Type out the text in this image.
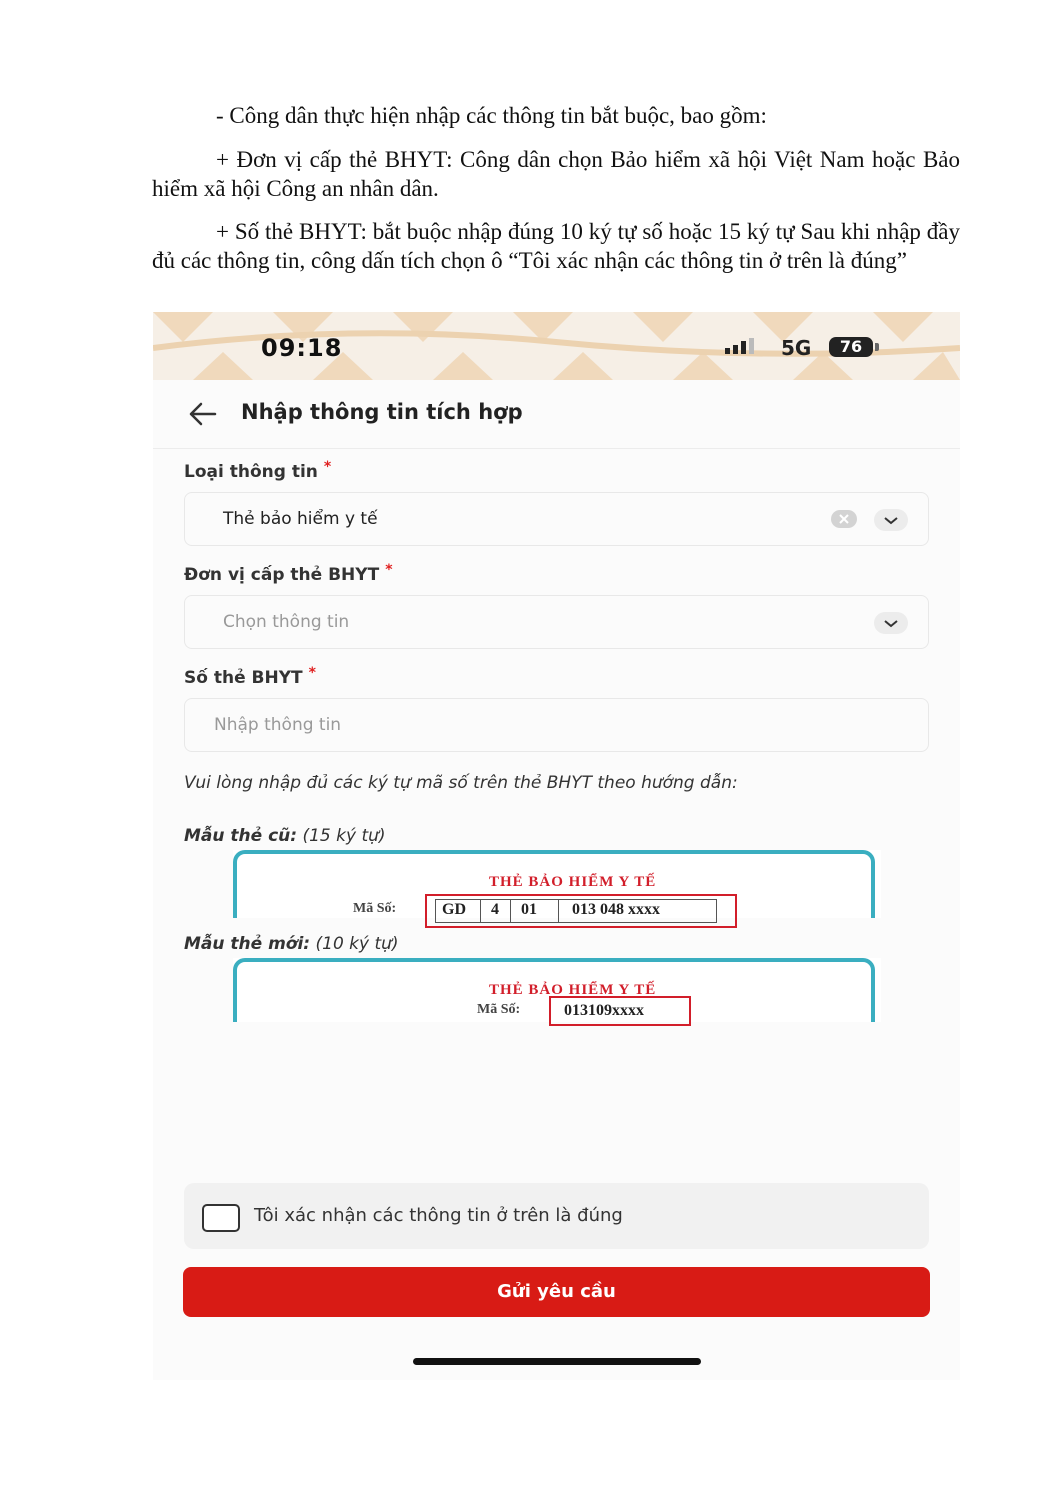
- Công dân thực hiện nhập các thông tin bắt buộc, bao gồm:
+ Đơn vị cấp thẻ BHYT: Công dân chọn Bảo hiểm xã hội Việt Nam hoặc Bảo hiểm xã hội Công an nhân dân.
+ Số thẻ BHYT: bắt buộc nhập đúng 10 ký tự số hoặc 15 ký tự Sau khi nhập đầy đủ các thông tin, công dấn tích chọn ô “Tôi xác nhận các thông tin ở trên là đúng”
09:18	5G	76
Nhập thông tin tích hợp
Loại thông tin *
Thẻ bảo hiểm y tế
Đơn vị cấp thẻ BHYT *
Chọn thông tin
Số thẻ BHYT *
Nhập thông tin
Vui lòng nhập đủ các ký tự mã số trên thẻ BHYT theo hướng dẫn:
Mẫu thẻ cũ: (15 ký tự)
THẺ BẢO HIỂM Y TẾ
Mã Số:	GD 4 01 013 048 xxxx
Mẫu thẻ mới: (10 ký tự)
THẺ BẢO HIỂM Y TẾ
Mã Số:	013109xxxx
Tôi xác nhận các thông tin ở trên là đúng
Gửi yêu cầu
